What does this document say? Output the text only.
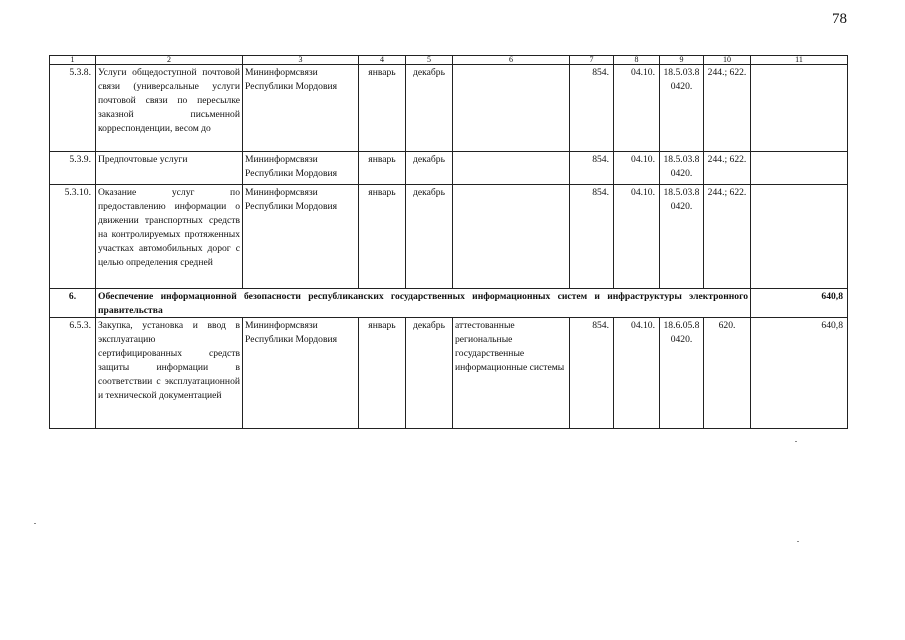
78
1	2	3	4	5	6	7	8	9	10	11
5.3.8.	Услуги общедоступной почтовой связи (универсальные услуги почтовой связи по пересылке заказной письменной корреспонденции, весом до	Мининформсвязи Республики Мордовия	январь	декабрь		854.	04.10.	18.5.03.8 0420.	244.; 622.	
5.3.9.	Предпочтовые услуги	Мининформсвязи Республики Мордовия	январь	декабрь		854.	04.10.	18.5.03.8 0420.	244.; 622.	
5.3.10.	Оказание услуг по предоставлению информации о движении транспортных средств на контролируемых протяженных участках автомобильных дорог с целью определения средней	Мининформсвязи Республики Мордовия	январь	декабрь		854.	04.10.	18.5.03.8 0420.	244.; 622.	
6.	Обеспечение информационной безопасности республиканских государственных информационных систем и инфраструктуры электронного правительства									640,8
6.5.3.	Закупка, установка и ввод в эксплуатацию сертифицированных средств защиты информации в соответствии с эксплуатационной и технической документацией	Мининформсвязи Республики Мордовия	январь	декабрь	аттестованные региональные государственные информационные системы	854.	04.10.	18.6.05.8 0420.	620.	640,8
